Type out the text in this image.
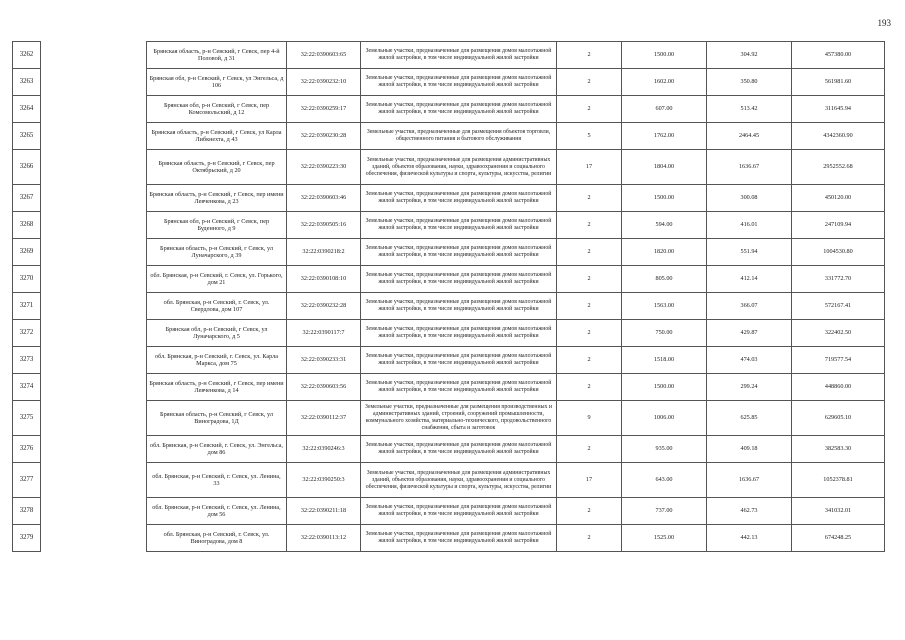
193
3262		Брянская область, р-н Севский, г Севск, пер 4-й Половой, д 31	32:22:0390603:65	Земельные участки, предназначенные для размещения домов малоэтажной жилой застройки, в том числе индивидуальной жилой застройки	2	1500.00	304.92	457380.00
3263		Брянская обл, р-н Севский, г Севск, ул Энгельса, д 106	32:22:0390232:10	Земельные участки, предназначенные для размещения домов малоэтажной жилой застройки, в том числе индивидуальной жилой застройки	2	1602.00	350.80	561981.60
3264		Брянская обл, р-н Севский, г Севск, пер Комсомольский, д 12	32:22:0390259:17	Земельные участки, предназначенные для размещения домов малоэтажной жилой застройки, в том числе индивидуальной жилой застройки	2	607.00	513.42	311645.94
3265		Брянская область, р-н Севский, г Севск, ул Карла Либкнехта, д 43	32:22:0390230:28	Земельные участки, предназначенные для размещения объектов торговли, общественного питания и бытового обслуживания	5	1762.00	2464.45	4342360.90
3266		Брянская область, р-н Севский, г Севск, пер Октябрьский, д 20	32:22:0390223:30	Земельные участки, предназначенные для размещения административных зданий, объектов образования, науки, здравоохранения и социального обеспечения, физической культуры и спорта, культуры, искусства, религии	17	1804.00	1636.67	2952552.68
3267		Брянская область, р-н Севский, г Севск, пер имени Левченкова, д 23	32:22:0390603:46	Земельные участки, предназначенные для размещения домов малоэтажной жилой застройки, в том числе индивидуальной жилой застройки	2	1500.00	300.08	450120.00
3268		Брянская обл, р-н Севский, г Севск, пер Буденного, д 9	32:22:0390505:16	Земельные участки, предназначенные для размещения домов малоэтажной жилой застройки, в том числе индивидуальной жилой застройки	2	594.00	416.01	247109.94
3269		Брянская область, р-н Севский, г Севск, ул Луначарского, д 39	32:22:0390218:2	Земельные участки, предназначенные для размещения домов малоэтажной жилой застройки, в том числе индивидуальной жилой застройки	2	1820.00	551.94	1004530.80
3270		обл. Брянская, р-н Севский, г. Севск, ул. Горького, дом 21	32:22:0390108:10	Земельные участки, предназначенные для размещения домов малоэтажной жилой застройки, в том числе индивидуальной жилой застройки	2	805.00	412.14	331772.70
3271		обл. Брянская, р-н Севский, г. Севск, ул. Свердлова, дом 107	32:22:0390232:28	Земельные участки, предназначенные для размещения домов малоэтажной жилой застройки, в том числе индивидуальной жилой застройки	2	1563.00	366.07	572167.41
3272		Брянская обл, р-н Севский, г Севск, ул Луначарского, д 5	32:22:0390117:7	Земельные участки, предназначенные для размещения домов малоэтажной жилой застройки, в том числе индивидуальной жилой застройки	2	750.00	429.87	322402.50
3273		обл. Брянская, р-н Севский, г. Севск, ул. Карла Маркса, дом 75	32:22:0390233:31	Земельные участки, предназначенные для размещения домов малоэтажной жилой застройки, в том числе индивидуальной жилой застройки	2	1518.00	474.03	719577.54
3274		Брянская область, р-н Севский, г Севск, пер имени Левченкова, д 14	32:22:0390603:56	Земельные участки, предназначенные для размещения домов малоэтажной жилой застройки, в том числе индивидуальной жилой застройки	2	1500.00	299.24	448860.00
3275		Брянская область, р-н Севский, г Севск, ул Виноградова, 1Д	32:22:0390112:37	Земельные участки, предназначенные для размещения производственных и административных зданий, строений, сооружений промышленности, коммунального хозяйства, материально-технического, продовольственного снабжения, сбыта и заготовок	9	1006.00	625.85	629605.10
3276		обл. Брянская, р-н Севский, г. Севск, ул. Энгельса, дом 86	32:22:0390246:3	Земельные участки, предназначенные для размещения домов малоэтажной жилой застройки, в том числе индивидуальной жилой застройки	2	935.00	409.18	382583.30
3277		обл. Брянская, р-н Севский, г. Севск, ул. Ленина, 33	32:22:0390250:3	Земельные участки, предназначенные для размещения административных зданий, объектов образования, науки, здравоохранения и социального обеспечения, физической культуры и спорта, культуры, искусства, религии	17	643.00	1636.67	1052378.81
3278		обл. Брянская, р-н Севский, г. Севск, ул. Ленина, дом 56	32:22:0390211:18	Земельные участки, предназначенные для размещения домов малоэтажной жилой застройки, в том числе индивидуальной жилой застройки	2	737.00	462.73	341032.01
3279		обл. Брянская, р-н Севский, г. Севск, ул. Виноградова, дом 8	32:22:0390113:12	Земельные участки, предназначенные для размещения домов малоэтажной жилой застройки, в том числе индивидуальной жилой застройки	2	1525.00	442.13	674248.25
